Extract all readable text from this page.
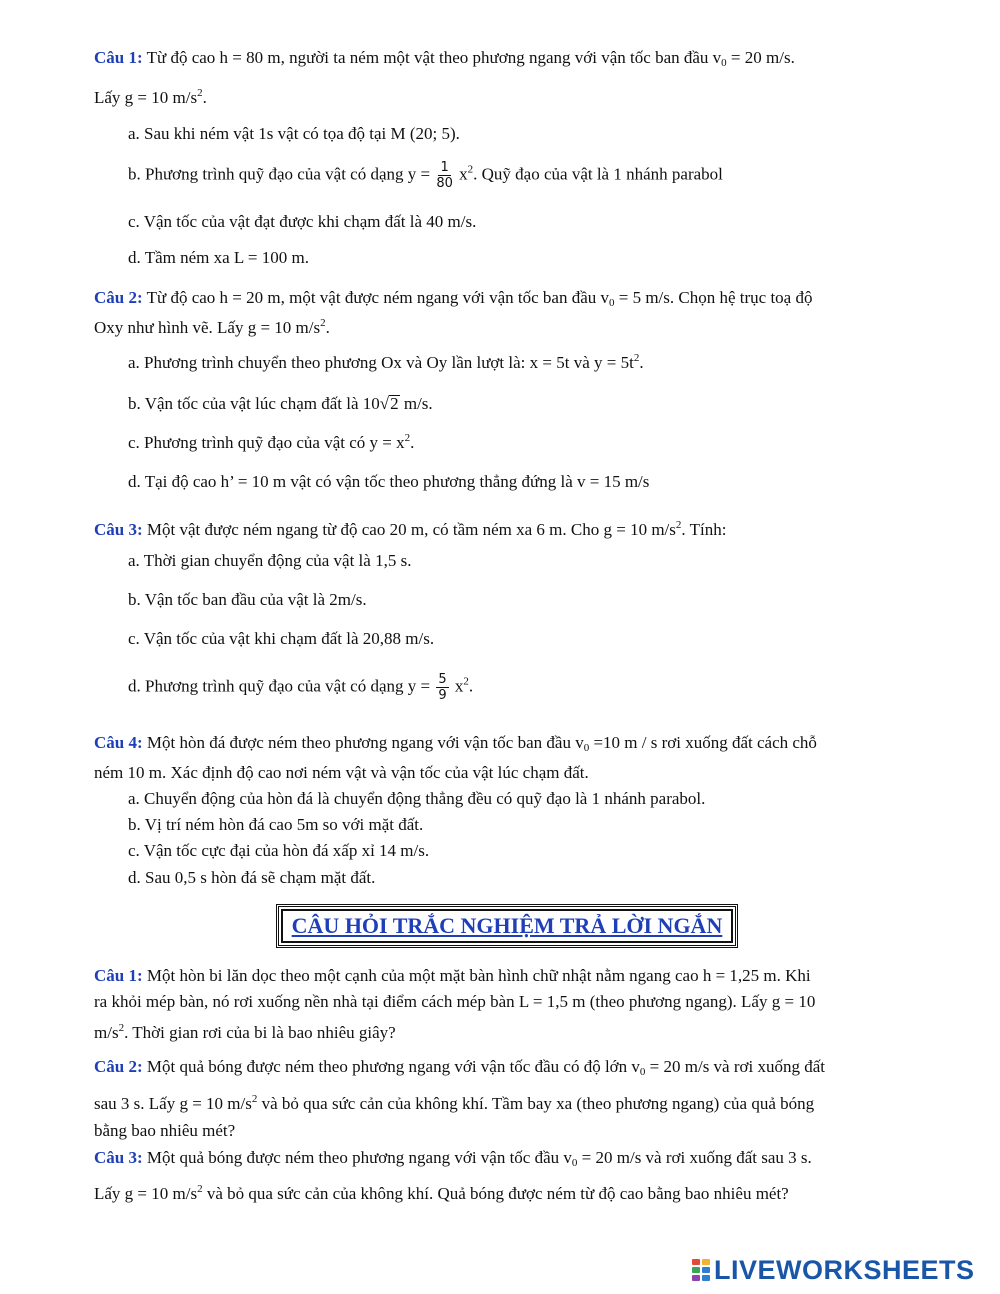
Câu 1: Từ độ cao h = 80 m, người ta ném một vật theo phương ngang với vận tốc ban đầu $v_0 = 20$ m/s.
Lấy g = 10 $m/s^2$.
a. Sau khi ném vật 1s vật có tọa độ tại M (20; 5).
b. Phương trình quỹ đạo của vật có dạng $y = \frac{1}{80} x^2$. Quỹ đạo của vật là 1 nhánh parabol
c. Vận tốc của vật đạt được khi chạm đất là 40 m/s.
d. Tầm ném xa L = 100 m.
Câu 2: Từ độ cao h = 20 m, một vật được ném ngang với vận tốc ban đầu $v_0 = 5$ m/s. Chọn hệ trục toạ độ
Oxy như hình vẽ. Lấy g = 10 $m/s^2$.
a. Phương trình chuyển theo phương Ox và Oy lần lượt là: x = 5t và $y = 5t^2$.
b. Vận tốc của vật lúc chạm đất là 10√2 m/s.
c. Phương trình quỹ đạo của vật có $y = x^2$.
d. Tại độ cao h’ = 10 m vật có vận tốc theo phương thẳng đứng là v = 15 m/s
Câu 3: Một vật được ném ngang từ độ cao 20 m, có tầm ném xa 6 m. Cho g = 10 $m/s^2$. Tính:
a. Thời gian chuyển động của vật là 1,5 s.
b. Vận tốc ban đầu của vật là 2m/s.
c. Vận tốc của vật khi chạm đất là 20,88 m/s.
d. Phương trình quỹ đạo của vật có dạng $y = \frac{5}{9} x^2$.
Câu 4: Một hòn đá được ném theo phương ngang với vận tốc ban đầu $v_0 =10$ m / s rơi xuống đất cách chỗ
ném 10 m. Xác định độ cao nơi ném vật và vận tốc của vật lúc chạm đất.
a. Chuyển động của hòn đá là chuyển động thẳng đều có quỹ đạo là 1 nhánh parabol.
b. Vị trí ném hòn đá cao 5m so với mặt đất.
c. Vận tốc cực đại của hòn đá xấp xỉ 14 m/s.
d. Sau 0,5 s hòn đá sẽ chạm mặt đất.
CÂU HỎI TRẮC NGHIỆM TRẢ LỜI NGẮN
Câu 1: Một hòn bi lăn dọc theo một cạnh của một mặt bàn hình chữ nhật nằm ngang cao h = 1,25 m. Khi
ra khỏi mép bàn, nó rơi xuống nền nhà tại điểm cách mép bàn L = 1,5 m (theo phương ngang). Lấy g = 10
$m/s^2$. Thời gian rơi của bi là bao nhiêu giây?
Câu 2: Một quả bóng được ném theo phương ngang với vận tốc đầu có độ lớn $v_0 = 20$ m/s và rơi xuống đất
sau 3 s. Lấy g = 10 $m/s^2$ và bỏ qua sức cản của không khí. Tầm bay xa (theo phương ngang) của quả bóng
bằng bao nhiêu mét?
Câu 3: Một quả bóng được ném theo phương ngang với vận tốc đầu $v_0 = 20$ m/s và rơi xuống đất sau 3 s.
Lấy g = 10 $m/s^2$ và bỏ qua sức cản của không khí. Quả bóng được ném từ độ cao bằng bao nhiêu mét?
LIVEWORKSHEETS
